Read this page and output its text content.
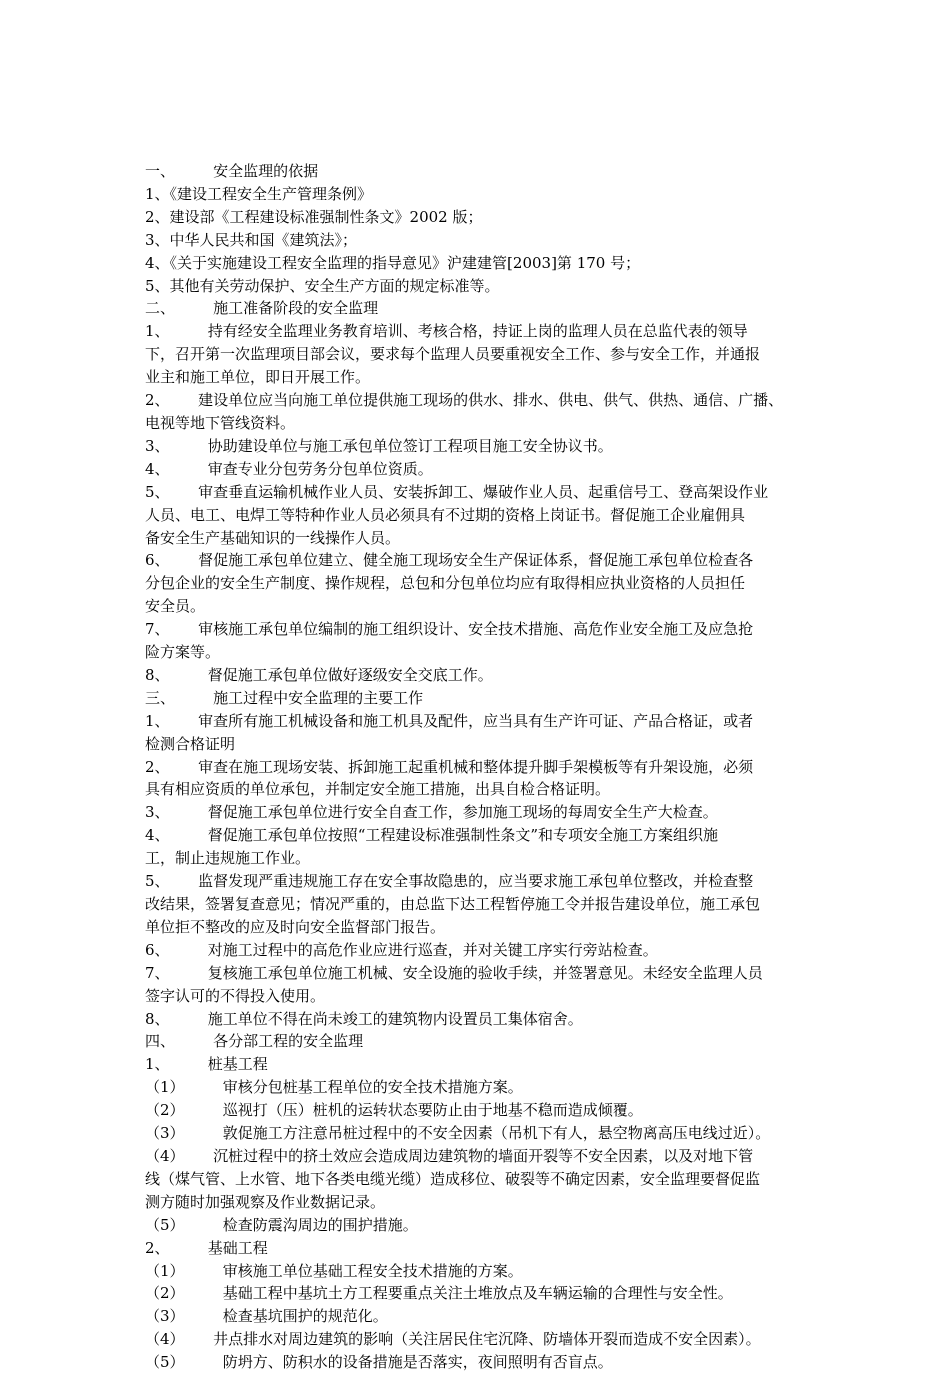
一、        安全监理的依据
1、《建设工程安全生产管理条例》
2、建设部《工程建设标准强制性条文》2002 版；
3、中华人民共和国《建筑法》；
4、《关于实施建设工程安全监理的指导意见》沪建建管[2003]第 170 号；
5、其他有关劳动保护、安全生产方面的规定标准等。
二、        施工准备阶段的安全监理
1、        持有经安全监理业务教育培训、考核合格，持证上岗的监理人员在总监代表的领导
下，召开第一次监理项目部会议，要求每个监理人员要重视安全工作、参与安全工作，并通报
业主和施工单位，即日开展工作。
2、      建设单位应当向施工单位提供施工现场的供水、排水、供电、供气、供热、通信、广播、
电视等地下管线资料。
3、        协助建设单位与施工承包单位签订工程项目施工安全协议书。
4、        审查专业分包劳务分包单位资质。
5、      审查垂直运输机械作业人员、安装拆卸工、爆破作业人员、起重信号工、登高架设作业
人员、电工、电焊工等特种作业人员必须具有不过期的资格上岗证书。督促施工企业雇佣具
备安全生产基础知识的一线操作人员。
6、      督促施工承包单位建立、健全施工现场安全生产保证体系，督促施工承包单位检查各
分包企业的安全生产制度、操作规程，总包和分包单位均应有取得相应执业资格的人员担任
安全员。
7、      审核施工承包单位编制的施工组织设计、安全技术措施、高危作业安全施工及应急抢
险方案等。
8、        督促施工承包单位做好逐级安全交底工作。
三、        施工过程中安全监理的主要工作
1、      审查所有施工机械设备和施工机具及配件，应当具有生产许可证、产品合格证，或者
检测合格证明
2、      审查在施工现场安装、拆卸施工起重机械和整体提升脚手架模板等有升架设施，必须
具有相应资质的单位承包，并制定安全施工措施，出具自检合格证明。
3、        督促施工承包单位进行安全自查工作，参加施工现场的每周安全生产大检查。
4、        督促施工承包单位按照“工程建设标准强制性条文”和专项安全施工方案组织施
工，制止违规施工作业。
5、      监督发现严重违规施工存在安全事故隐患的，应当要求施工承包单位整改，并检查整
改结果，签署复查意见；情况严重的，由总监下达工程暂停施工令并报告建设单位，施工承包
单位拒不整改的应及时向安全监督部门报告。
6、        对施工过程中的高危作业应进行巡查，并对关键工序实行旁站检查。
7、        复核施工承包单位施工机械、安全设施的验收手续，并签署意见。未经安全监理人员
签字认可的不得投入使用。
8、        施工单位不得在尚未竣工的建筑物内设置员工集体宿舍。
四、        各分部工程的安全监理
1、        桩基工程
（1）        审核分包桩基工程单位的安全技术措施方案。
（2）        巡视打（压）桩机的运转状态要防止由于地基不稳而造成倾覆。
（3）        敦促施工方注意吊桩过程中的不安全因素（吊机下有人，悬空物离高压电线过近）。
（4）      沉桩过程中的挤土效应会造成周边建筑物的墙面开裂等不安全因素，以及对地下管
线（煤气管、上水管、地下各类电缆光缆）造成移位、破裂等不确定因素，安全监理要督促监
测方随时加强观察及作业数据记录。
（5）        检查防震沟周边的围护措施。
2、        基础工程
（1）        审核施工单位基础工程安全技术措施的方案。
（2）        基础工程中基坑土方工程要重点关注土堆放点及车辆运输的合理性与安全性。
（3）        检查基坑围护的规范化。
（4）      井点排水对周边建筑的影响（关注居民住宅沉降、防墙体开裂而造成不安全因素）。
（5）        防坍方、防积水的设备措施是否落实，夜间照明有否盲点。
